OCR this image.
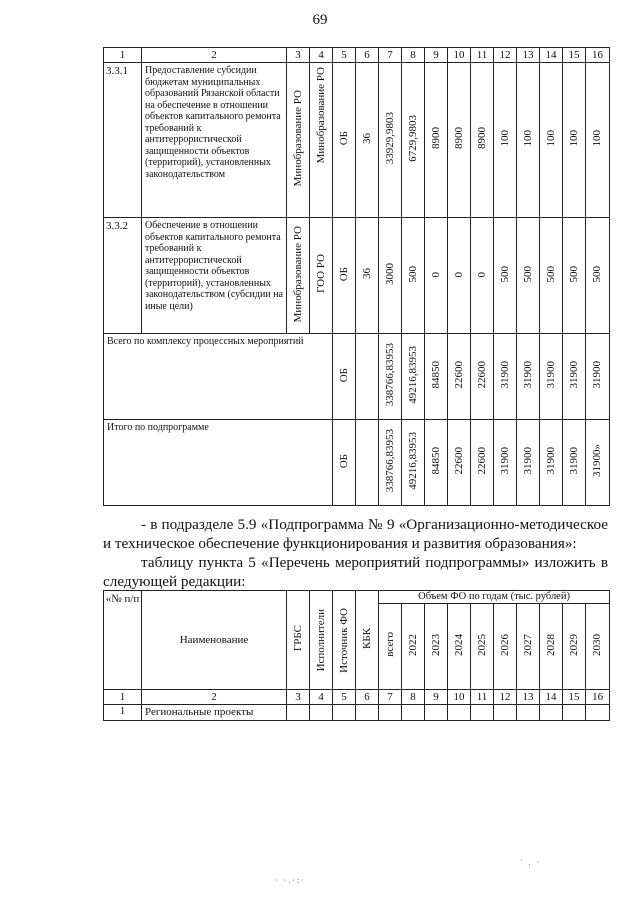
69
1	2	3	4	5	6	7	8	9	10	11	12	13	14	15	16
3.3.1	Предоставление субсидии бюджетам муниципальных образований Рязанской области на обеспечение в отношении объектов капитального ремонта требований к антитеррористической защищенности объектов (территорий), установленных законодательством	Минобразование РО	Минобразование РО	ОБ	36	33929,9803	6729,9803	8900	8900	8900	100	100	100	100	100
3.3.2	Обеспечение в отношении объектов капитального ремонта требований к антитеррористической защищенности объектов (территорий), установленных законодательством (субсидии на иные цели)	Минобразование РО	ГОО РО	ОБ	36	3000	500	0	0	0	500	500	500	500	500
Всего по комплексу процессных мероприятий				ОБ		338766,83953	49216,83953	84850	22600	22600	31900	31900	31900	31900	31900
Итого по подпрограмме				ОБ		338766,83953	49216,83953	84850	22600	22600	31900	31900	31900	31900	31900»

- в подразделе 5.9 «Подпрограмма № 9 «Организационно-методическое и техническое обеспечение функционирования и развития образования»:

таблицу пункта 5 «Перечень мероприятий подпрограммы» изложить в следующей редакции:

«№ п/п	Наименование	ГРБС	Исполнители	Источник ФО	КБК	Объем ФО по годам (тыс. рублей)									
						всего	2022	2023	2024	2025	2026	2027	2028	2029	2030
1	2	3	4	5	6	7	8	9	10	11	12	13	14	15	16
1	Региональные проекты														
· ·.·:·
` . ·
